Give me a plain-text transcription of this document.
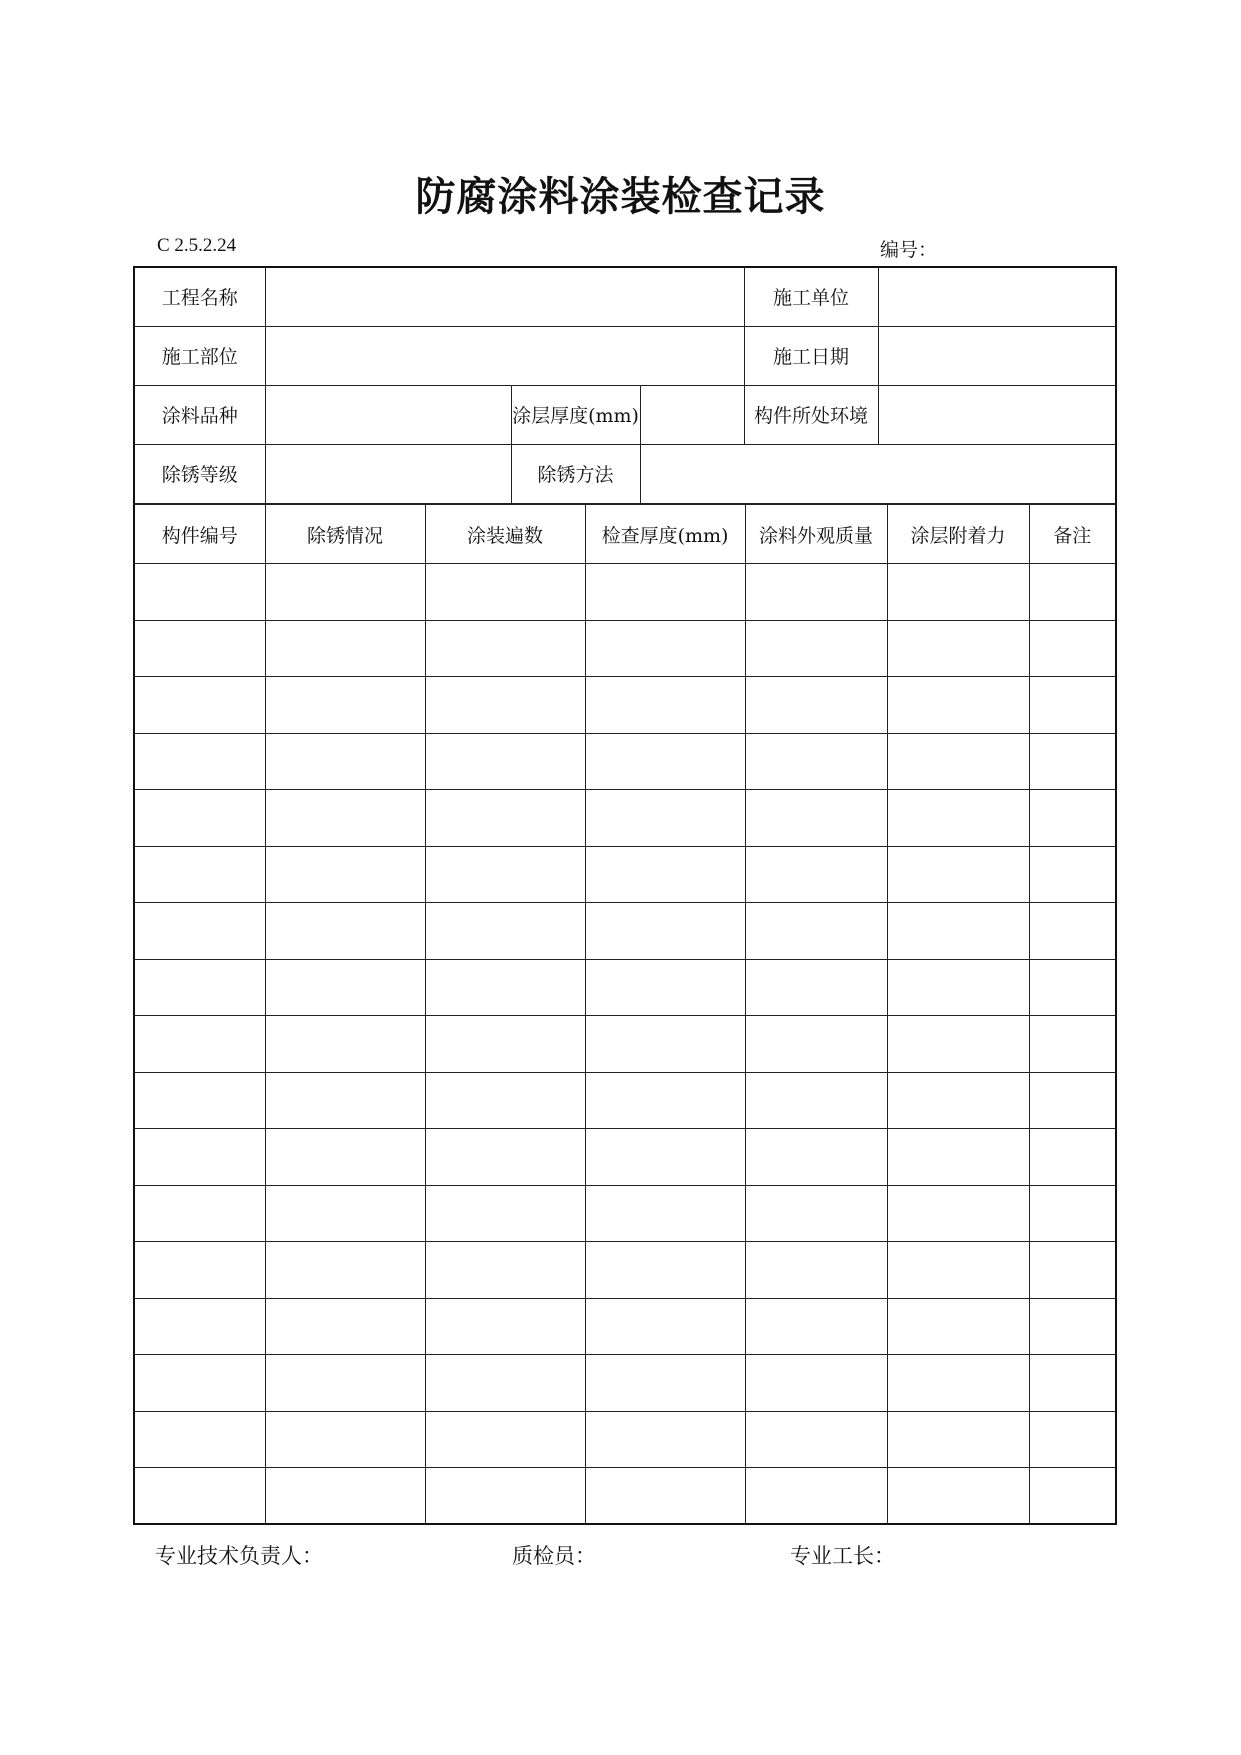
防腐涂料涂装检查记录
C 2.5.2.24	编号：
工程名称				施工单位	
施工部位				施工日期	
涂料品种		涂层厚度(mm)		构件所处环境	
除锈等级		除锈方法			
构件编号	除锈情况	涂装遍数	检查厚度(mm)	涂料外观质量	涂层附着力	备注

专业技术负责人：	质检员：	专业工长：
